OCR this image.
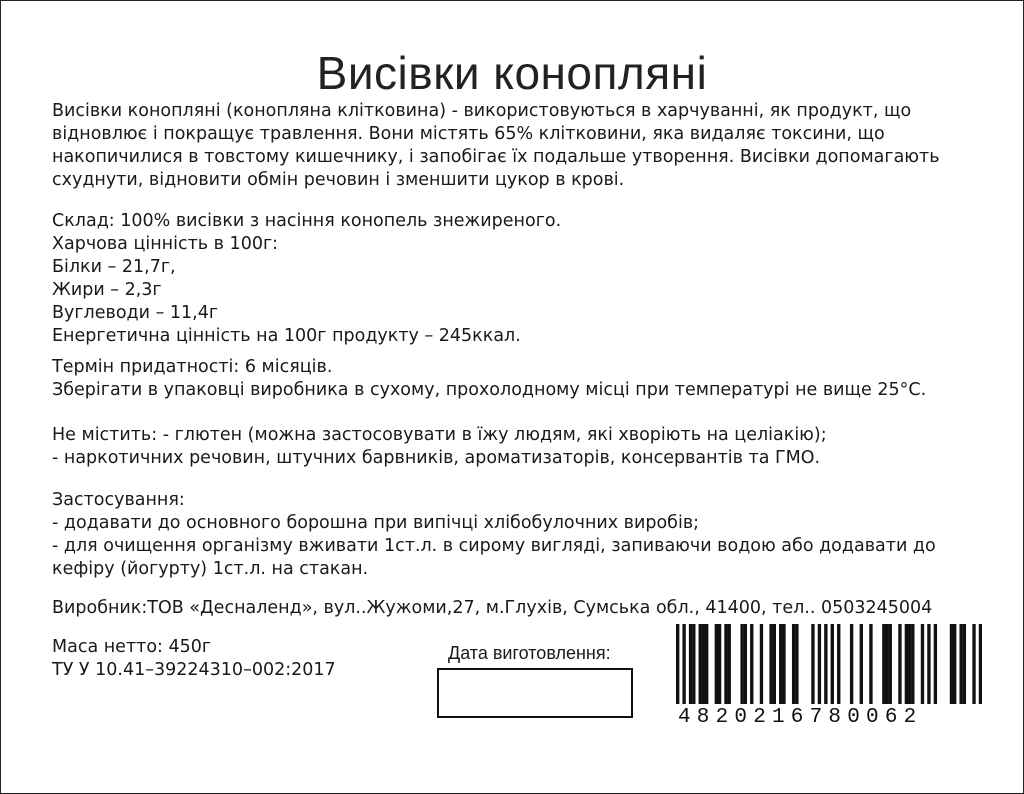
Висівки конопляні
Висівки конопляні (конопляна клітковина) - використовуються в харчуванні, як продукт, що
відновлює і покращує травлення. Вони містять 65% клітковини, яка видаляє токсини, що
накопичилися в товстому кишечнику, і запобігає їх подальше утворення. Висівки допомагають
схуднути, відновити обмін речовин і зменшити цукор в крові.
Склад: 100% висівки з насіння конопель знежиреного.
Харчова цінність в 100г:
Білки – 21,7г,
Жири – 2,3г
Вуглеводи – 11,4г
Енергетична цінність на 100г продукту – 245ккал.
Термін придатності: 6 місяців.
Зберігати в упаковці виробника в сухому, прохолодному місці при температурі не вище 25°С.
Не містить: - глютен (можна застосовувати в їжу людям, які хворіють на целіакію);
- наркотичних речовин, штучних барвників, ароматизаторів, консервантів та ГМО.
Застосування:
- додавати до основного борошна при випічці хлібобулочних виробів;
- для очищення організму вживати 1ст.л. в сирому вигляді, запиваючи водою або додавати до
кефіру (йогурту) 1ст.л. на стакан.
Виробник:ТОВ «Десналенд», вул..Жужоми,27, м.Глухів, Сумська обл., 41400, тел.. 0503245004
Маса нетто: 450г
ТУ У 10.41–39224310–002:2017
Дата виготовлення:
4820216780062
